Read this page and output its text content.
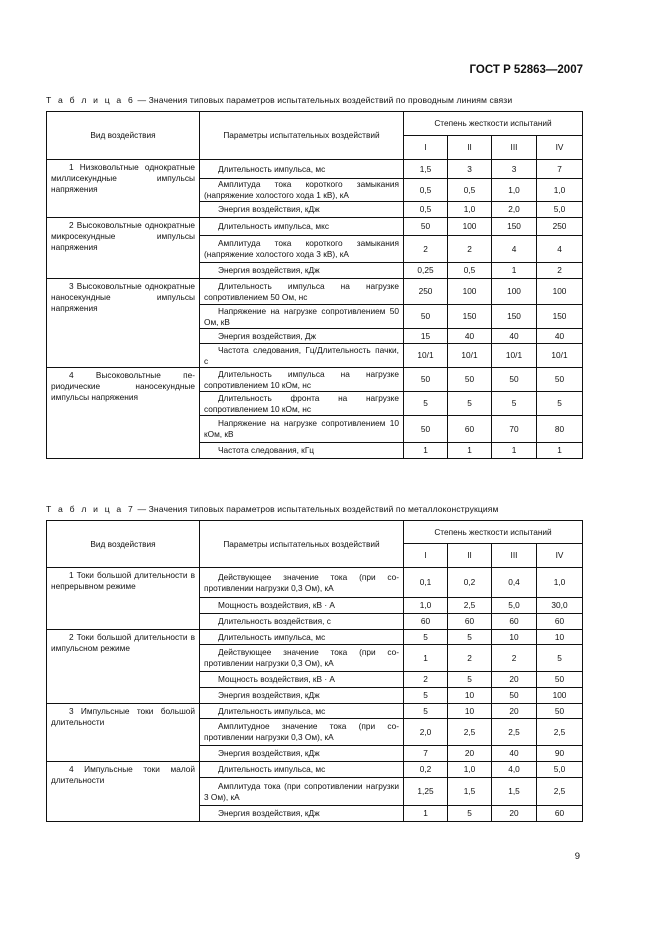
ГОСТ Р 52863—2007
Т а б л и ц а 6 — Значения типовых параметров испытательных воздействий по проводным линиям связи
Вид воздействия	Параметры испытательных воздействий	Степень жесткости испытаний			
		I	II	III	IV

1 Низковольтные однократные миллисекундные импульсы напряжения	Длительность импульса, мс	1,5	3	3	7

	Амплитуда тока короткого замыкания (напряжение холостого хода 1 кВ), кА	0,5	0,5	1,0	1,0

	Энергия воздействия, кДж	0,5	1,0	2,0	5,0

2 Высоковольтные однократные микросекундные импульсы напряжения	Длительность импульса, мкс	50	100	150	250

	Амплитуда тока короткого замыкания (напряжение холостого хода 3 кВ), кА	2	2	4	4

	Энергия воздействия, кДж	0,25	0,5	1	2

3 Высоковольтные однократные наносекундные импульсы напряжения	Длительность импульса на нагрузке сопротивлением 50 Ом, нс	250	100	100	100

	Напряжение на нагрузке сопротивлением 50 Ом, кВ	50	150	150	150

	Энергия воздействия, Дж	15	40	40	40

	Частота следования, Гц/Длительность пачки, с	10/1	10/1	10/1	10/1

4 Высоковольтные периодические наносекундные импульсы напряжения	Длительность импульса на нагрузке сопротивлением 10 кОм, нс	50	50	50	50

	Длительность фронта на нагрузке сопротивлением 10 кОм, нс	5	5	5	5

	Напряжение на нагрузке сопротивлением 10 кОм, кВ	50	60	70	80

	Частота следования, кГц	1	1	1	1
Т а б л и ц а 7 — Значения типовых параметров испытательных воздействий по металлоконструкциям
Вид воздействия	Параметры испытательных воздействий	Степень жесткости испытаний			
		I	II	III	IV

1 Токи большой длительности в непрерывном режиме	Действующее значение тока (при сопротивлении нагрузки 0,3 Ом), кА	0,1	0,2	0,4	1,0

	Мощность воздействия, кВ · А	1,0	2,5	5,0	30,0

	Длительность воздействия, с	60	60	60	60

2 Токи большой длительности в импульсном режиме	Длительность импульса, мс	5	5	10	10

	Действующее значение тока (при сопротивлении нагрузки 0,3 Ом), кА	1	2	2	5

	Мощность воздействия, кВ · А	2	5	20	50

	Энергия воздействия, кДж	5	10	50	100

3 Импульсные токи большой длительности	Длительность импульса, мс	5	10	20	50

	Амплитудное значение тока (при сопротивлении нагрузки 0,3 Ом), кА	2,0	2,5	2,5	2,5

	Энергия воздействия, кДж	7	20	40	90

4 Импульсные токи малой длительности	Длительность импульса, мс	0,2	1,0	4,0	5,0

	Амплитуда тока (при сопротивлении нагрузки 3 Ом), кА	1,25	1,5	1,5	2,5

	Энергия воздействия, кДж	1	5	20	60
9
